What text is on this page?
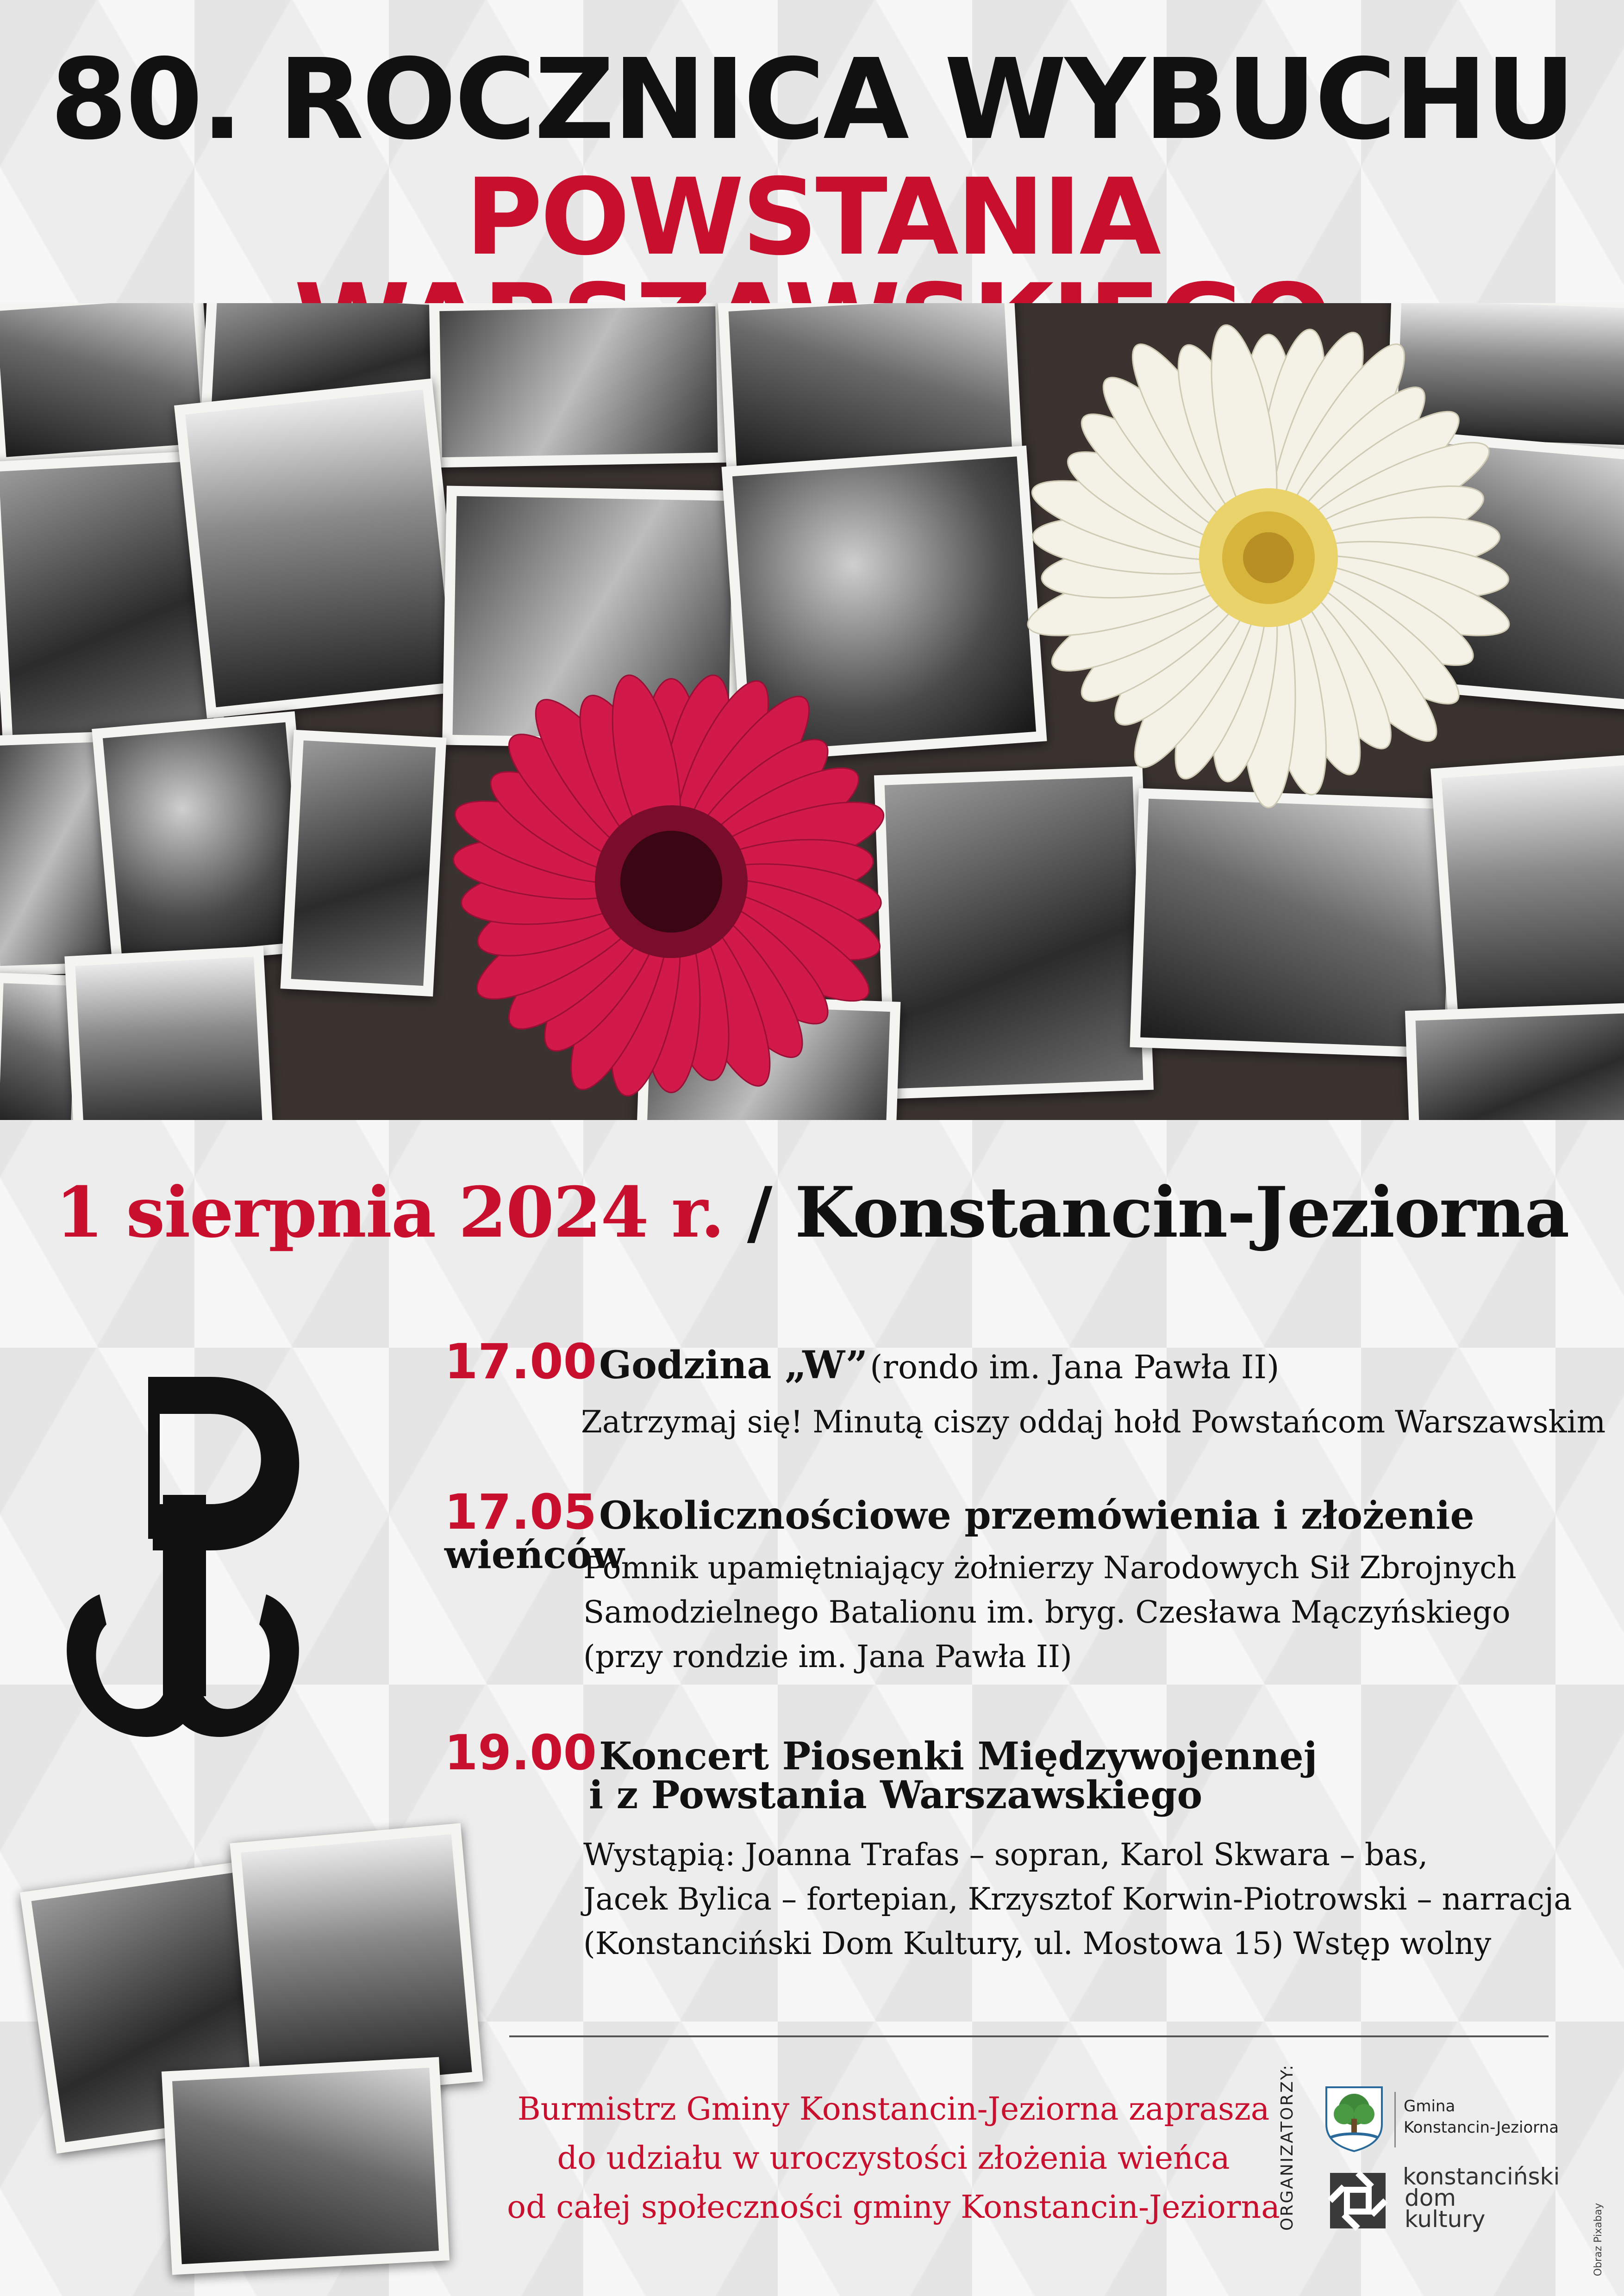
80. ROCZNICA WYBUCHU
POWSTANIA
1 sierpnia 2024 r. / Konstancin-Jeziorna
17.00 Godzina „W” (rondo im. Jana Pawła II)
Zatrzymaj się! Minutą ciszy oddaj hołd Powstańcom Warszawskim
17.05 Okolicznościowe przemówienia i złożenie wieńców
Pomnik upamiętniający żołnierzy Narodowych Sił Zbrojnych
Samodzielnego Batalionu im. bryg. Czesława Mączyńskiego
(przy rondzie im. Jana Pawła II)
19.00 Koncert Piosenki Międzywojennej
i z Powstania Warszawskiego
Wystąpią: Joanna Trafas – sopran, Karol Skwara – bas,
Jacek Bylica – fortepian, Krzysztof Korwin-Piotrowski – narracja
(Konstanciński Dom Kultury, ul. Mostowa 15) Wstęp wolny
Burmistrz Gminy Konstancin-Jeziorna zaprasza
do udziału w uroczystości złożenia wieńca
od całej społeczności gminy Konstancin-Jeziorna
ORGANIZATORZY:	Gmina
Konstancin-Jeziorna
konstanciński
dom
kultury	Obraz Pixabay
